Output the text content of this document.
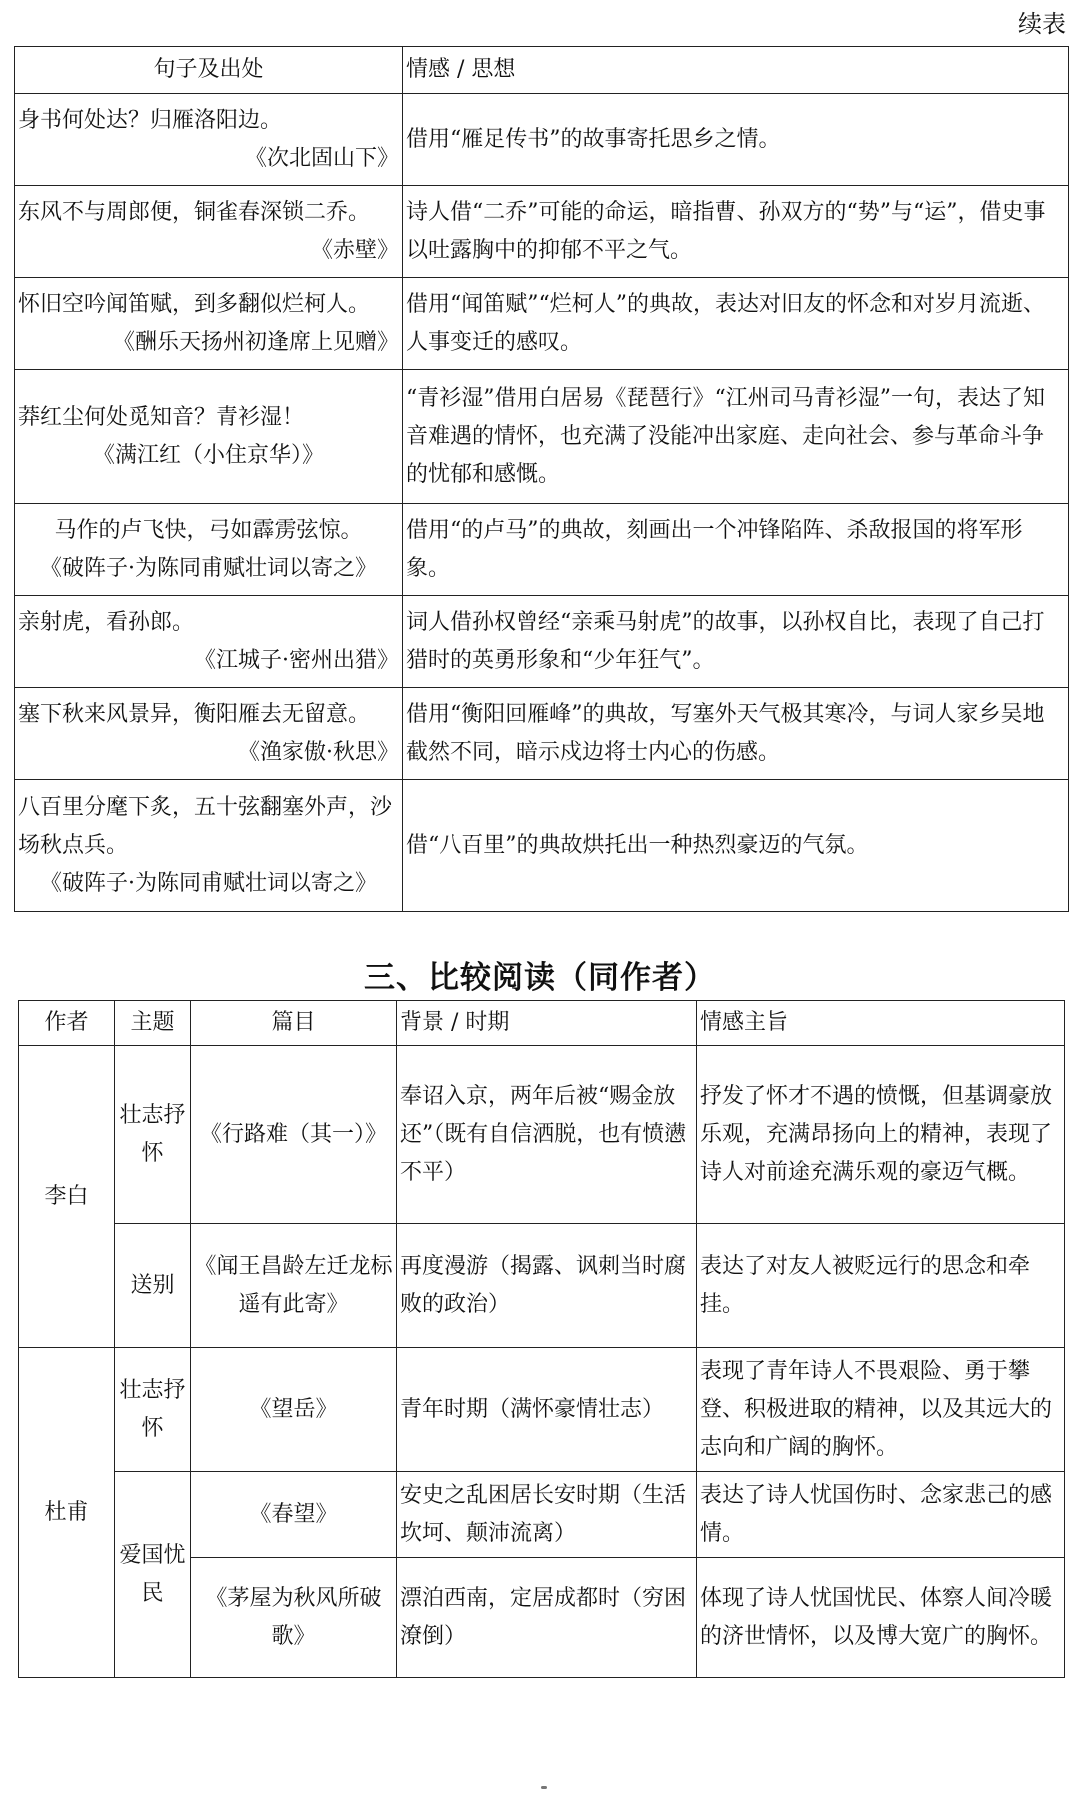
续表
句子及出处	情感 / 思想

身书何处达？归雁洛阳边。
《次北固山下》	借用“雁足传书”的故事寄托思乡之情。

东风不与周郎便，铜雀春深锁二乔。
《赤壁》	诗人借“二乔”可能的命运，暗指曹、孙双方的“势”与“运”，借史事以吐露胸中的抑郁不平之气。

怀旧空吟闻笛赋，到多翻似烂柯人。
《酬乐天扬州初逢席上见赠》	借用“闻笛赋”“烂柯人”的典故，表达对旧友的怀念和对岁月流逝、人事变迁的感叹。

莽红尘何处觅知音？青衫湿！
《满江红（小住京华）》	“青衫湿”借用白居易《琵琶行》“江州司马青衫湿”一句，表达了知音难遇的情怀，也充满了没能冲出家庭、走向社会、参与革命斗争的忧郁和感慨。

马作的卢飞快，弓如霹雳弦惊。
《破阵子·为陈同甫赋壮词以寄之》	借用“的卢马”的典故，刻画出一个冲锋陷阵、杀敌报国的将军形象。

亲射虎，看孙郎。
《江城子·密州出猎》	词人借孙权曾经“亲乘马射虎”的故事，以孙权自比，表现了自己打猎时的英勇形象和“少年狂气”。

塞下秋来风景异，衡阳雁去无留意。
《渔家傲·秋思》	借用“衡阳回雁峰”的典故，写塞外天气极其寒冷，与词人家乡吴地截然不同，暗示戍边将士内心的伤感。

八百里分麾下炙，五十弦翻塞外声，沙场秋点兵。
《破阵子·为陈同甫赋壮词以寄之》	借“八百里”的典故烘托出一种热烈豪迈的气氛。
三、比较阅读（同作者）
作者	主题	篇目	背景 / 时期	情感主旨
李白	壮志抒怀	《行路难（其一）》	奉诏入京，两年后被“赐金放还”（既有自信洒脱，也有愤懑不平）	抒发了怀才不遇的愤慨，但基调豪放乐观，充满昂扬向上的精神，表现了诗人对前途充满乐观的豪迈气概。
	送别	《闻王昌龄左迁龙标遥有此寄》	再度漫游（揭露、讽刺当时腐败的政治）	表达了对友人被贬远行的思念和牵挂。
杜甫	壮志抒怀	《望岳》	青年时期（满怀豪情壮志）	表现了青年诗人不畏艰险、勇于攀登、积极进取的精神，以及其远大的志向和广阔的胸怀。
	爱国忧民	《春望》	安史之乱困居长安时期（生活坎坷、颠沛流离）	表达了诗人忧国伤时、念家悲己的感情。
		《茅屋为秋风所破歌》	漂泊西南，定居成都时（穷困潦倒）	体现了诗人忧国忧民、体察人间冷暖的济世情怀，以及博大宽广的胸怀。
